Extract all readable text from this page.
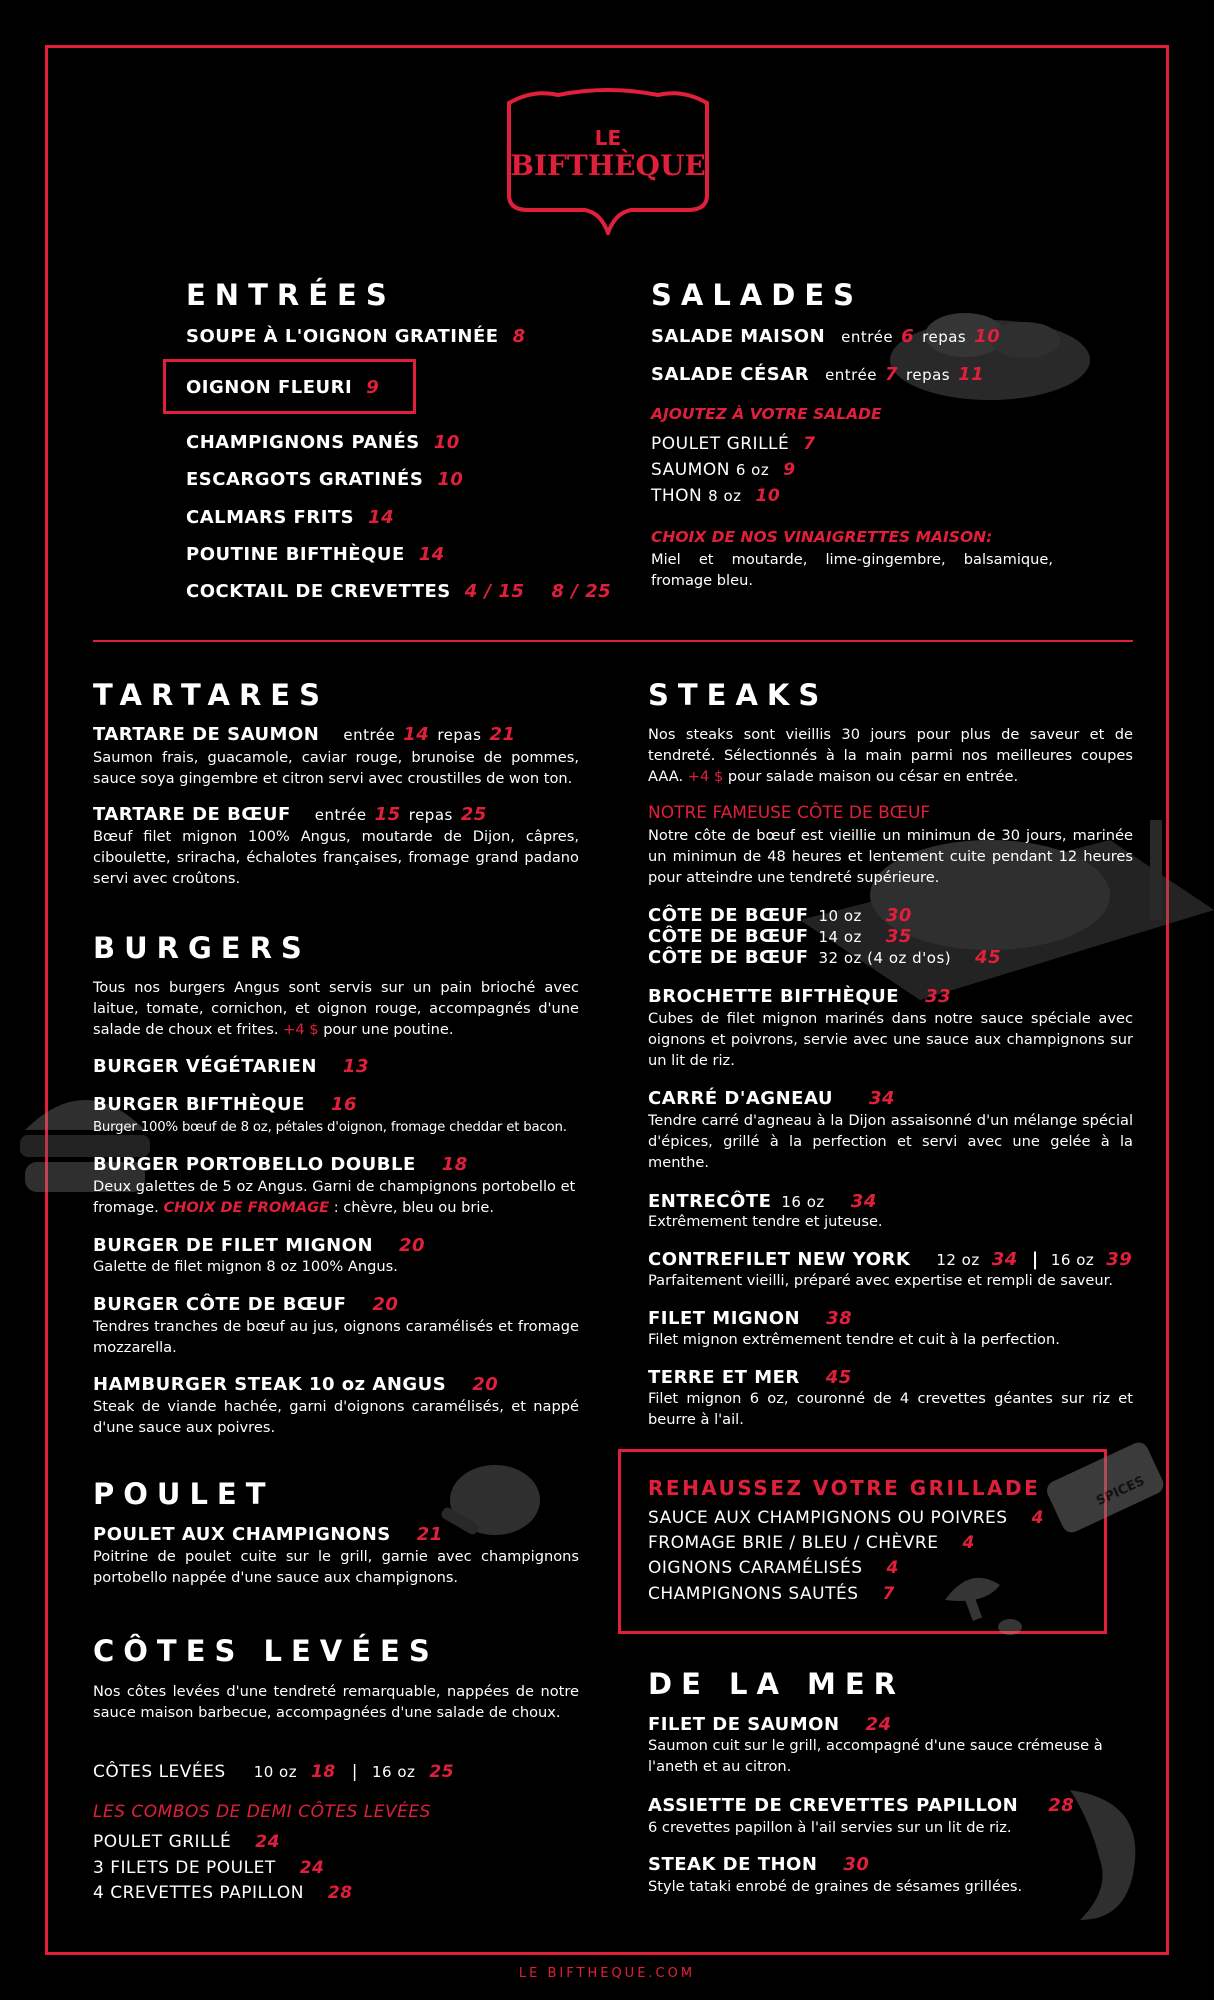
LE
BIFTHÈQUE
ENTRÉES
SOUPE À L'OIGNON GRATINÉE 8
OIGNON FLEURI 9
CHAMPIGNONS PANÉS 10
ESCARGOTS GRATINÉS 10
CALMARS FRITS 14
POUTINE BIFTHÈQUE 14
COCKTAIL DE CREVETTES 4 / 15    8 / 25
SALADES
SALADE MAISON entrée 6 repas 10
SALADE CÉSAR entrée 7 repas 11
AJOUTEZ À VOTRE SALADE
POULET GRILLÉ 7
SAUMON 6 oz 9
THON 8 oz 10
CHOIX DE NOS VINAIGRETTES MAISON:
Miel et moutarde, lime-gingembre, balsamique, fromage bleu.
TARTARES
TARTARE DE SAUMON entrée 14 repas 21
Saumon frais, guacamole, caviar rouge, brunoise de pommes, sauce soya gingembre et citron servi avec croustilles de won ton.
TARTARE DE BŒUF entrée 15 repas 25
Bœuf filet mignon 100% Angus, moutarde de Dijon, câpres, ciboulette, sriracha, échalotes françaises, fromage grand padano servi avec croûtons.
BURGERS
Tous nos burgers Angus sont servis sur un pain brioché avec laitue, tomate, cornichon, et oignon rouge, accompagnés d'une salade de choux et frites. +4 $ pour une poutine.
BURGER VÉGÉTARIEN 13
BURGER BIFTHÈQUE 16
Burger 100% bœuf de 8 oz, pétales d'oignon, fromage cheddar et bacon.
BURGER PORTOBELLO DOUBLE 18
Deux galettes de 5 oz Angus. Garni de champignons portobello et fromage. CHOIX DE FROMAGE : chèvre, bleu ou brie.
BURGER DE FILET MIGNON 20
Galette de filet mignon 8 oz 100% Angus.
BURGER CÔTE DE BŒUF 20
Tendres tranches de bœuf au jus, oignons caramélisés et fromage mozzarella.
HAMBURGER STEAK 10 oz ANGUS 20
Steak de viande hachée, garni d'oignons caramélisés, et nappé d'une sauce aux poivres.
POULET
POULET AUX CHAMPIGNONS 21
Poitrine de poulet cuite sur le grill, garnie avec champignons portobello nappée d'une sauce aux champignons.
CÔTES LEVÉES
Nos côtes levées d'une tendreté remarquable, nappées de notre sauce maison barbecue, accompagnées d'une salade de choux.
CÔTES LEVÉES 10 oz 18 | 16 oz 25
LES COMBOS DE DEMI CÔTES LEVÉES
POULET GRILLÉ 24
3 FILETS DE POULET 24
4 CREVETTES PAPILLON 28
STEAKS
Nos steaks sont vieillis 30 jours pour plus de saveur et de tendreté. Sélectionnés à la main parmi nos meilleures coupes AAA. +4 $ pour salade maison ou césar en entrée.
NOTRE FAMEUSE CÔTE DE BŒUF
Notre côte de bœuf est vieillie un minimun de 30 jours, marinée un minimun de 48 heures et lentement cuite pendant 12 heures pour atteindre une tendreté supérieure.
CÔTE DE BŒUF 10 oz 30
CÔTE DE BŒUF 14 oz 35
CÔTE DE BŒUF 32 oz (4 oz d'os) 45
BROCHETTE BIFTHÈQUE 33
Cubes de filet mignon marinés dans notre sauce spéciale avec oignons et poivrons, servie avec une sauce aux champignons sur un lit de riz.
CARRÉ D'AGNEAU 34
Tendre carré d'agneau à la Dijon assaisonné d'un mélange spécial d'épices, grillé à la perfection et servi avec une gelée à la menthe.
ENTRECÔTE 16 oz 34
Extrêmement tendre et juteuse.
CONTREFILET NEW YORK 12 oz 34 | 16 oz 39
Parfaitement vieilli, préparé avec expertise et rempli de saveur.
FILET MIGNON 38
Filet mignon extrêmement tendre et cuit à la perfection.
TERRE ET MER 45
Filet mignon 6 oz, couronné de 4 crevettes géantes sur riz et beurre à l'ail.
SPICES
REHAUSSEZ VOTRE GRILLADE
SAUCE AUX CHAMPIGNONS OU POIVRES 4
FROMAGE BRIE / BLEU / CHÈVRE 4
OIGNONS CARAMÉLISÉS 4
CHAMPIGNONS SAUTÉS 7
DE LA MER
FILET DE SAUMON 24
Saumon cuit sur le grill, accompagné d'une sauce crémeuse à l'aneth et au citron.
ASSIETTE DE CREVETTES PAPILLON 28
6 crevettes papillon à l'ail servies sur un lit de riz.
STEAK DE THON 30
Style tataki enrobé de graines de sésames grillées.
LE BIFTHEQUE.COM
